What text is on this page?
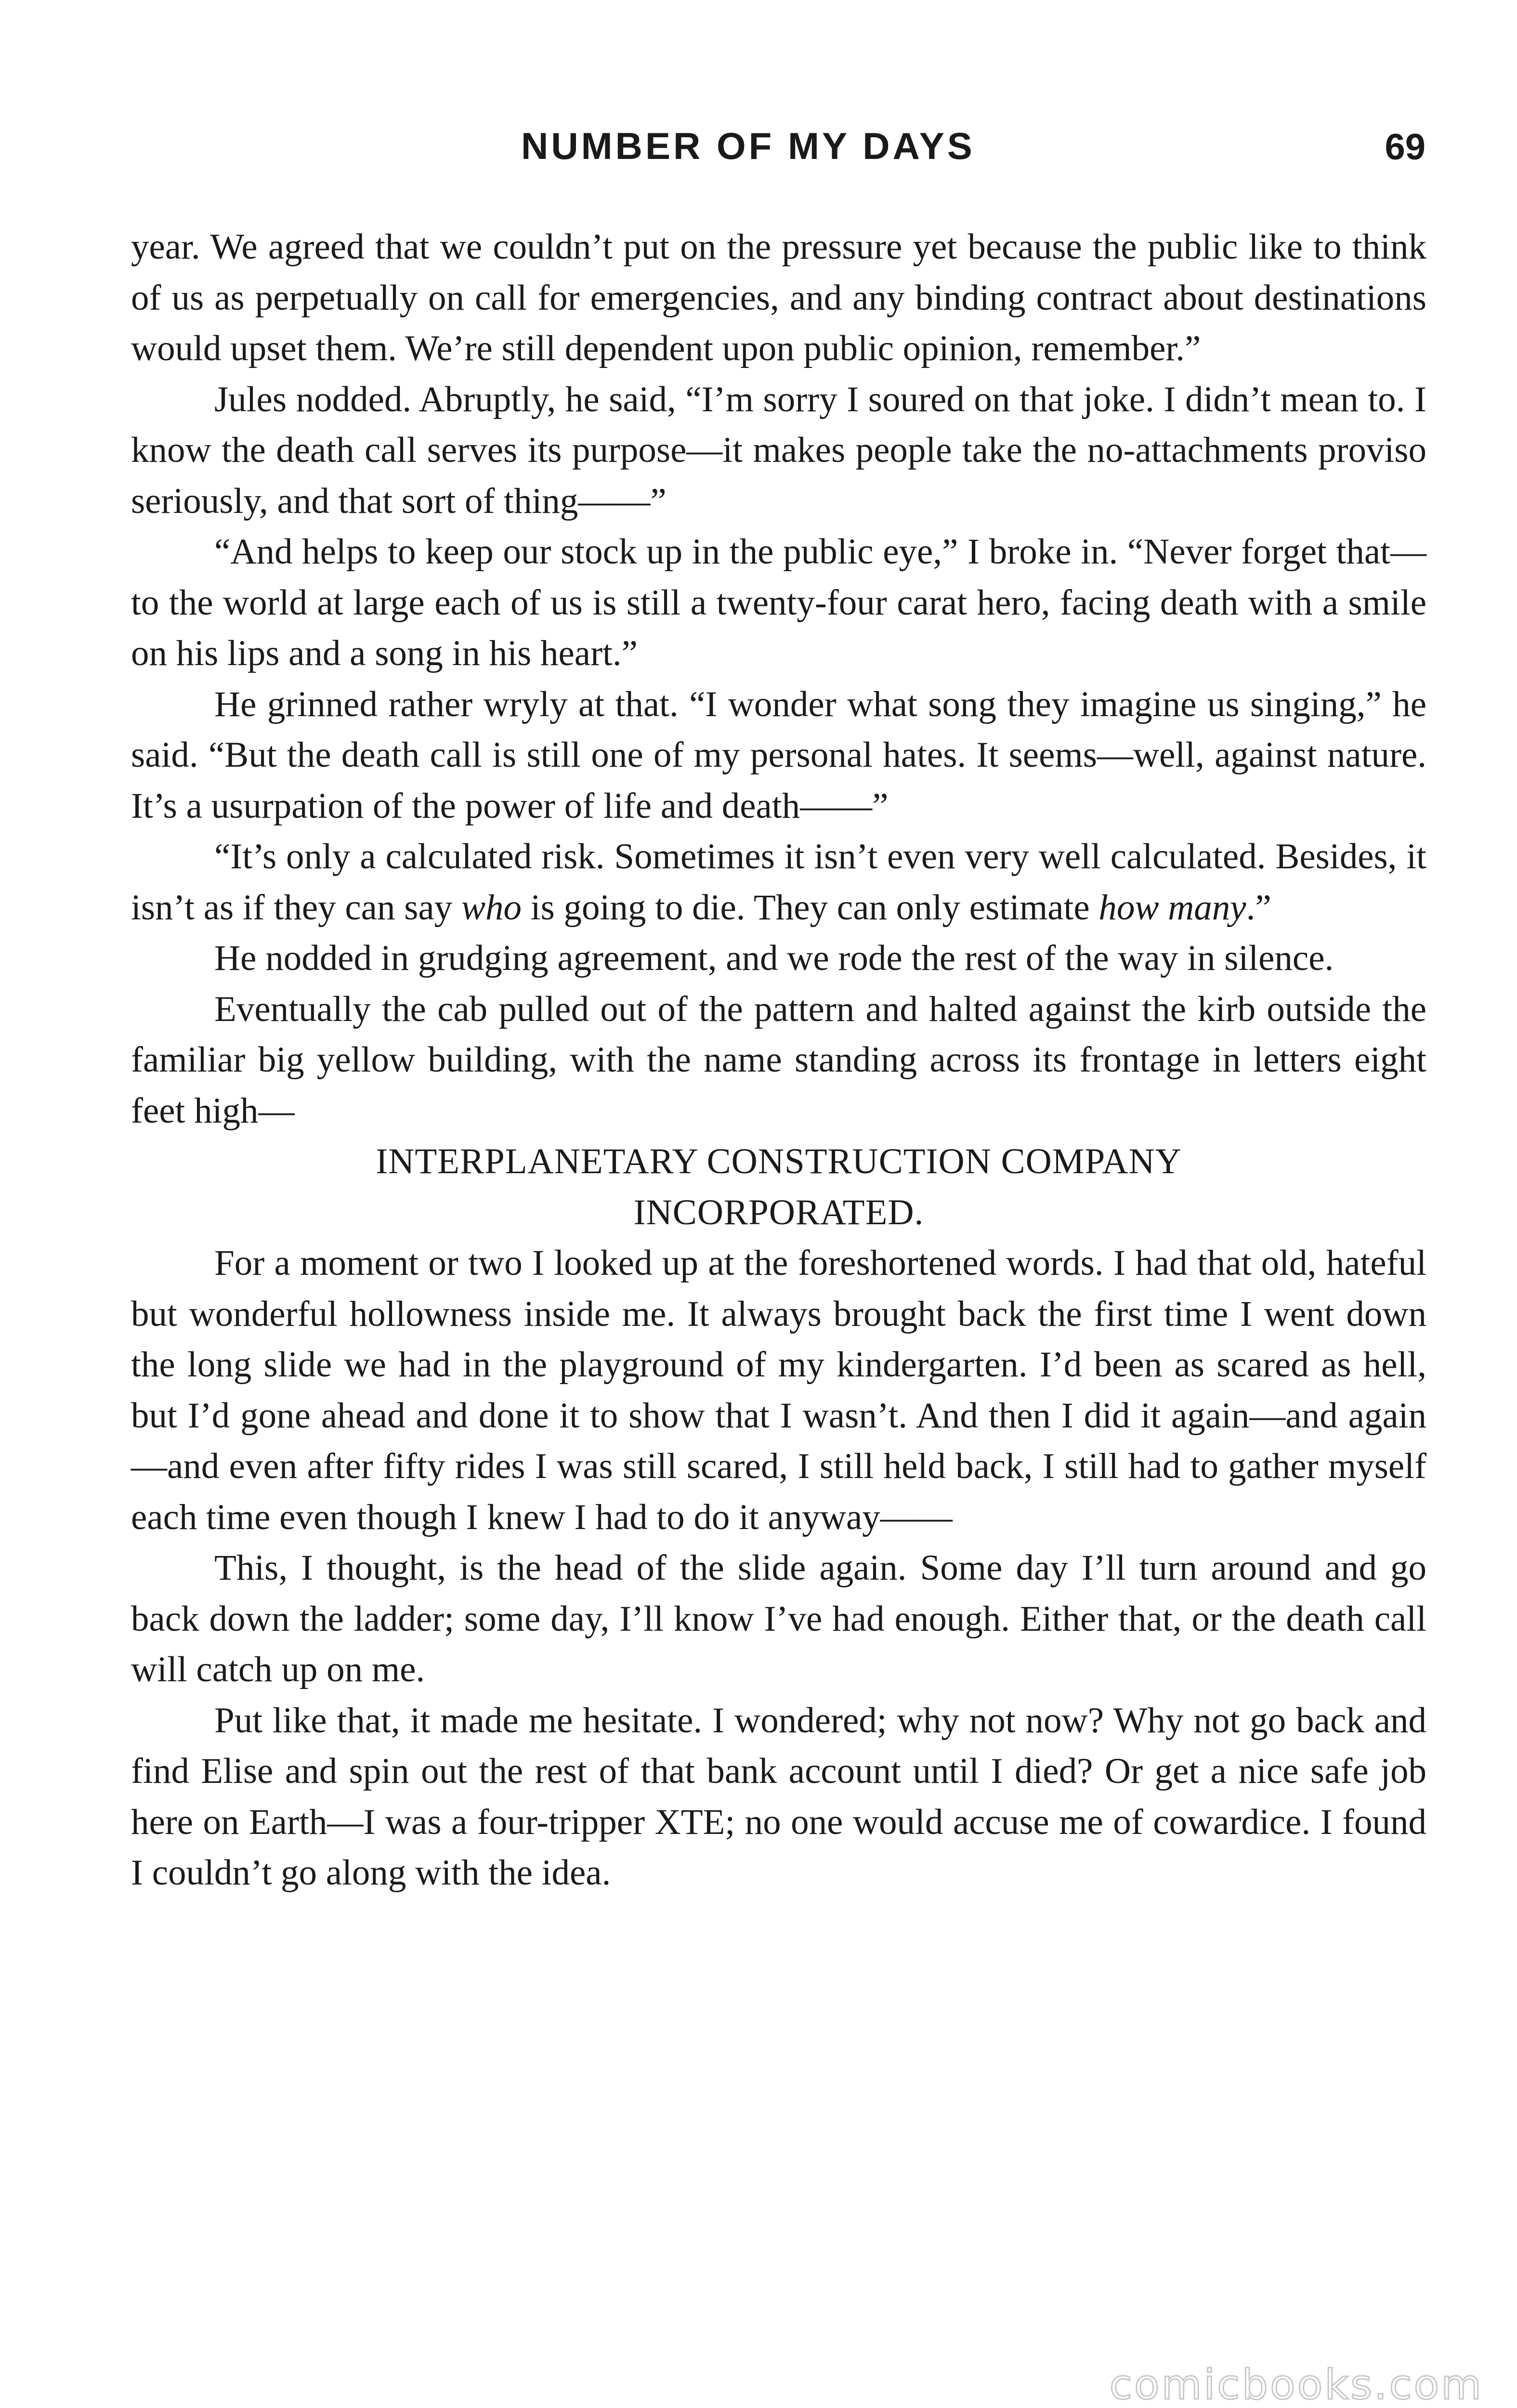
NUMBER OF MY DAYS	69

year. We agreed that we couldn’t put on the pressure yet because the public like to think of us as perpetually on call for emergencies, and any binding contract about destinations would upset them. We’re still dependent upon public opinion, remember.”

Jules nodded. Abruptly, he said, “I’m sorry I soured on that joke. I didn’t mean to. I know the death call serves its purpose—it makes people take the no-attachments proviso seriously, and that sort of thing——”

“And helps to keep our stock up in the public eye,” I broke in. “Never forget that—to the world at large each of us is still a twenty-four carat hero, facing death with a smile on his lips and a song in his heart.”

He grinned rather wryly at that. “I wonder what song they imagine us singing,” he said. “But the death call is still one of my personal hates. It seems—well, against nature. It’s a usurpation of the power of life and death——”

“It’s only a calculated risk. Sometimes it isn’t even very well calculated. Besides, it isn’t as if they can say who is going to die. They can only estimate how many.”

He nodded in grudging agreement, and we rode the rest of the way in silence.

Eventually the cab pulled out of the pattern and halted against the kirb outside the familiar big yellow building, with the name standing across its frontage in letters eight feet high—

INTERPLANETARY CONSTRUCTION COMPANY
INCORPORATED.

For a moment or two I looked up at the foreshortened words. I had that old, hateful but wonderful hollowness inside me. It always brought back the first time I went down the long slide we had in the playground of my kindergarten. I’d been as scared as hell, but I’d gone ahead and done it to show that I wasn’t. And then I did it again—and again—and even after fifty rides I was still scared, I still held back, I still had to gather myself each time even though I knew I had to do it anyway——

This, I thought, is the head of the slide again. Some day I’ll turn around and go back down the ladder; some day, I’ll know I’ve had enough. Either that, or the death call will catch up on me.

Put like that, it made me hesitate. I wondered; why not now? Why not go back and find Elise and spin out the rest of that bank account until I died? Or get a nice safe job here on Earth—I was a four-tripper XTE; no one would accuse me of cowardice. I found I couldn’t go along with the idea.

comicbooks.com
